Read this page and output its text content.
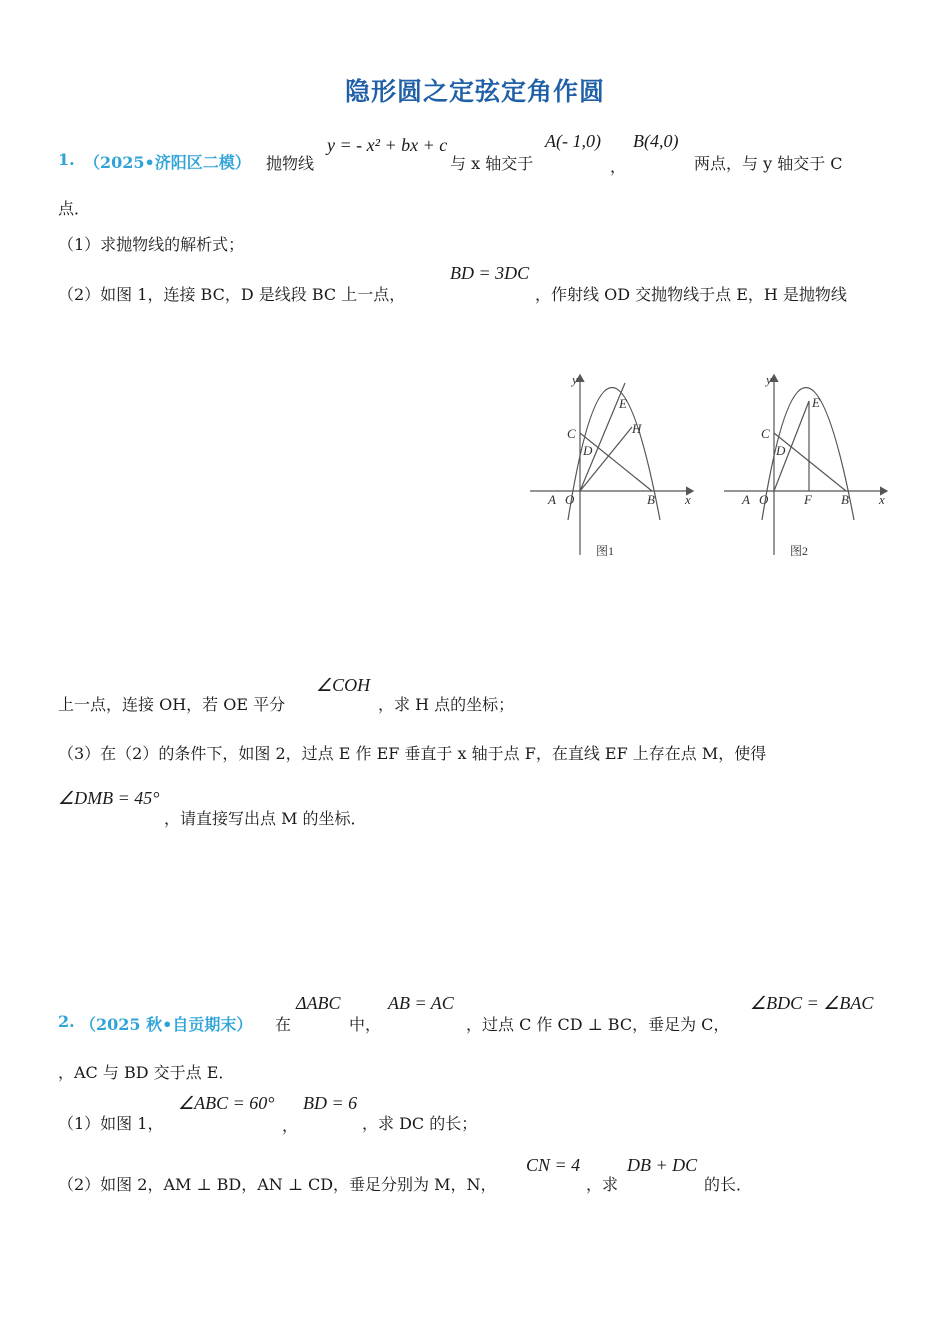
隐形圆之定弦定角作圆
1. （2025•济阳区二模） 抛物线
y = - x² + bx + c
与 x 轴交于
A(- 1,0)
，
B(4,0)
两点，与 y 轴交于 C
点．
（1）求抛物线的解析式；
（2）如图 1，连接 BC，D 是线段 BC 上一点，
BD = 3DC
，作射线 OD 交抛物线于点 E，H 是抛物线
y
x
A O	B
C
D
E
H
图1
y
x
A O	B
C
D
E
F
图2
上一点，连接 OH，若 OE 平分
∠COH
，求 H 点的坐标；
（3）在（2）的条件下，如图 2，过点 E 作 EF 垂直于 x 轴于点 F，在直线 EF 上存在点 M，使得
∠DMB = 45°
，请直接写出点 M 的坐标．
2. （2025 秋•自贡期末） 在
ΔABC
中，
AB = AC
，过点 C 作 CD ⊥ BC，垂足为 C，
∠BDC = ∠BAC
，AC 与 BD 交于点 E．
（1）如图 1，
∠ABC = 60°
，
BD = 6
，求 DC 的长；
（2）如图 2，AM ⊥ BD，AN ⊥ CD，垂足分别为 M，N，
CN = 4
，求
DB + DC
的长．
